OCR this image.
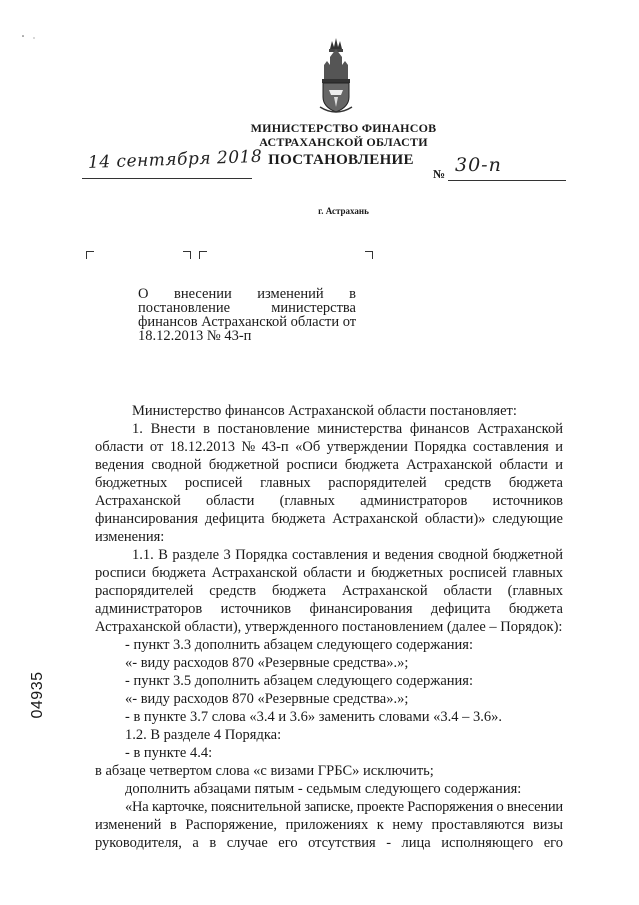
МИНИСТЕРСТВО ФИНАНСОВ
АСТРАХАНСКОЙ ОБЛАСТИ
14 сентября 2018 ПОСТАНОВЛЕНИЕ
№ 30-п
г. Астрахань
О внесении изменений в
постановление министерства
финансов Астраханской области от
18.12.2013 № 43-п
Министерство финансов Астраханской области постановляет:
1. Внести в постановление министерства финансов Астраханской
области от 18.12.2013 № 43-п «Об утверждении Порядка составления и
ведения сводной бюджетной росписи бюджета Астраханской области и
бюджетных росписей главных распорядителей средств бюджета
Астраханской области (главных администраторов источников
финансирования дефицита бюджета Астраханской области)» следующие
изменения:
1.1. В разделе 3 Порядка составления и ведения сводной бюджетной
росписи бюджета Астраханской области и бюджетных росписей главных
распорядителей средств бюджета Астраханской области (главных
администраторов источников финансирования дефицита бюджета
Астраханской области), утвержденного постановлением (далее – Порядок):
- пункт 3.3 дополнить абзацем следующего содержания:
«- виду расходов 870 «Резервные средства».»;
- пункт 3.5 дополнить абзацем следующего содержания:
«- виду расходов 870 «Резервные средства».»;
- в пункте 3.7 слова «3.4 и 3.6» заменить словами «3.4 – 3.6».
1.2. В разделе 4 Порядка:
- в пункте 4.4:
в абзаце четвертом слова «с визами ГРБС» исключить;
дополнить абзацами пятым - седьмым следующего содержания:
«На карточке, пояснительной записке, проекте Распоряжения о внесении
изменений в Распоряжение, приложениях к нему проставляются визы
руководителя, а в случае его отсутствия - лица исполняющего его
04935
